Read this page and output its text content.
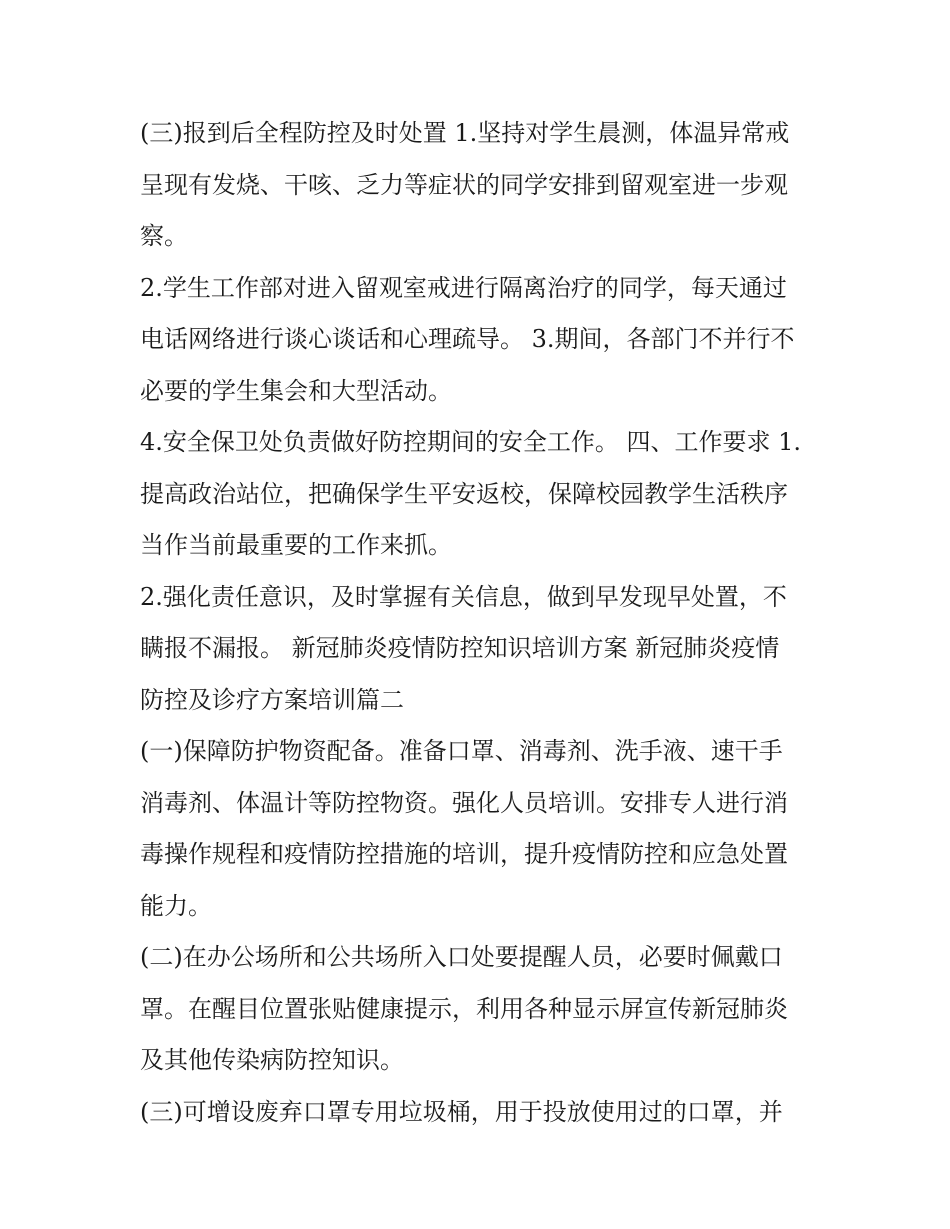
(三)报到后全程防控及时处置 1.坚持对学生晨测，体温异常戒

呈现有发烧、干咳、乏力等症状的同学安排到留观室进一步观

察。

2.学生工作部对进入留观室戒进行隔离治疗的同学，每天通过

电话网络进行谈心谈话和心理疏导。 3.期间，各部门不并行不

必要的学生集会和大型活动。

4.安全保卫处负责做好防控期间的安全工作。 四、工作要求 1.

提高政治站位，把确保学生平安返校，保障校园教学生活秩序

当作当前最重要的工作来抓。

2.强化责任意识，及时掌握有关信息，做到早发现早处置，不

瞒报不漏报。 新冠肺炎疫情防控知识培训方案 新冠肺炎疫情

防控及诊疗方案培训篇二

(一)保障防护物资配备。准备口罩、消毒剂、洗手液、速干手

消毒剂、体温计等防控物资。强化人员培训。安排专人进行消

毒操作规程和疫情防控措施的培训，提升疫情防控和应急处置

能力。

(二)在办公场所和公共场所入口处要提醒人员，必要时佩戴口

罩。在醒目位置张贴健康提示，利用各种显示屏宣传新冠肺炎

及其他传染病防控知识。

(三)可增设废弃口罩专用垃圾桶，用于投放使用过的口罩，并
